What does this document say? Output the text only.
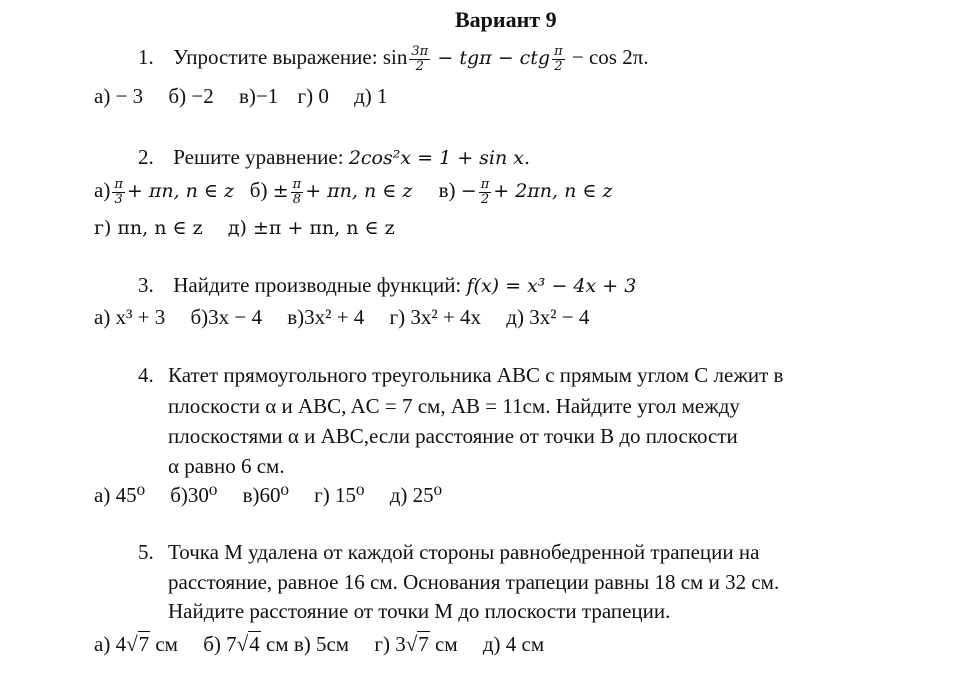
Вариант 9
1. Упростите выражение: $\sin \frac{3\pi}{2} - tg\pi$ − ctg $\frac{\pi}{2} - \cos 2\pi$.
а) − 3 б) −2 в)−1 г) 0 д) 1
2. Решите уравнение: 2cos²x = 1 + sin x.
$а) \frac{\pi}{3} + \pi n$, n ∈ z $б) \pm \frac{\pi}{8} + \pi n$, n ∈ z $в) - \frac{\pi}{2} + 2\pi n$, n ∈ z
г) πn, n ∈ z д) ±π + πn, n ∈ z
3. Найдите производные функций: f(x) = x³ − 4x + 3
а) x³ + 3 б)3x − 4 в)3x² + 4 г) 3x² + 4x д) 3x² − 4
4. Катет прямоугольного треугольника ABC с прямым углом C лежит в
плоскости α и ABC, AC = 7 см, AB = 11см. Найдите угол между
плоскостями α и ABC,если расстояние от точки B до плоскости
α равно 6 см.
а) 45⁰ б)30⁰ в)60⁰ г) 15⁰ д) 25⁰
5. Точка M удалена от каждой стороны равнобедренной трапеции на
расстояние, равное 16 см. Основания трапеции равны 18 см и 32 см.
Найдите расстояние от точки M до плоскости трапеции.
а) 4√7 см б) 7√4 см в) 5см г) 3√7 см д) 4 см
